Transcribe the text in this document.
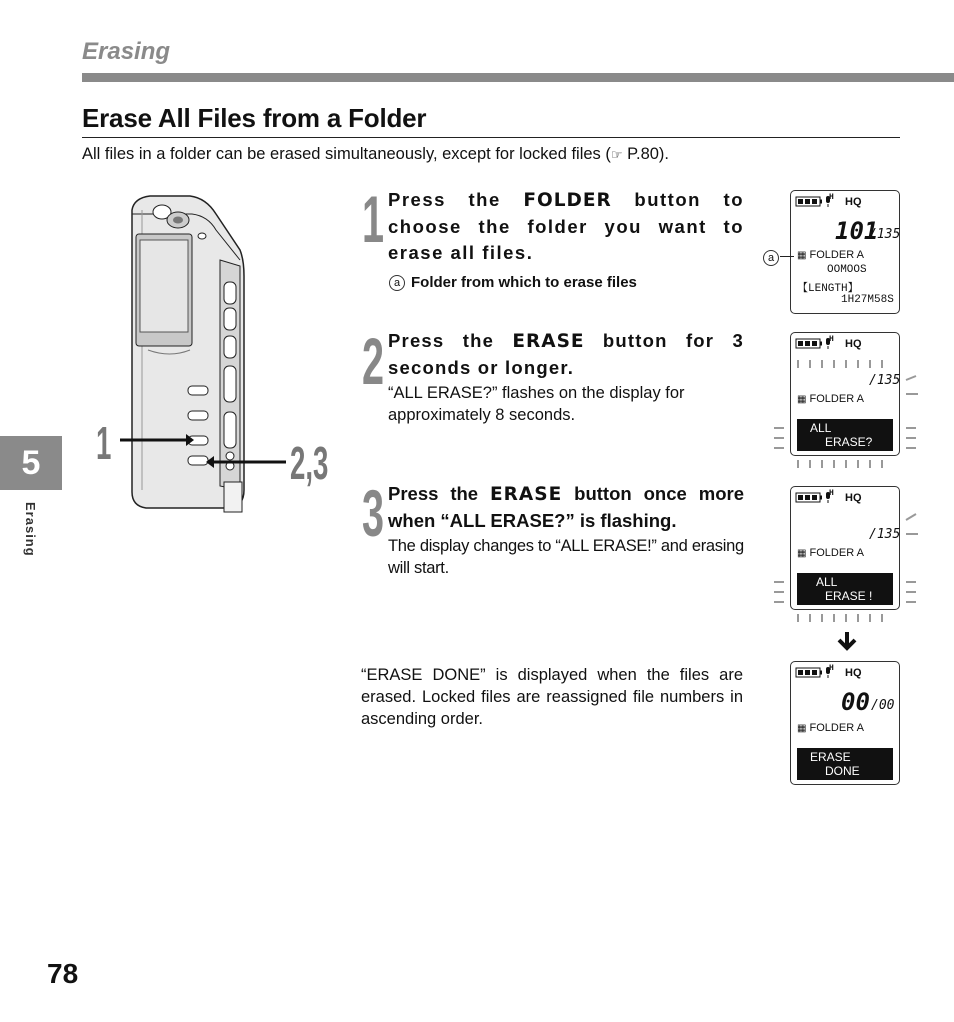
Erasing
Erase All Files from a Folder
All files in a folder can be erased simultaneously, except for locked files (☞ P.80).
5
Erasing
78
1	2,3
1 Press the FOLDER button to choose the folder you want to erase all files.
a Folder from which to erase files
2 Press the ERASE button for 3 seconds or longer.
“ALL ERASE?” flashes on the display for approximately 8 seconds.
3 Press the ERASE button once more when “ALL ERASE?” is flashing.
The display changes to “ALL ERASE!” and erasing will start.
“ERASE DONE” is displayed when the files are erased. Locked files are reassigned file numbers in ascending order.
H HQ
101
/135
▦ FOLDER A
OOMOOS
【LENGTH】
1H27M58S
a
H HQ
/135
▦ FOLDER A
ALL
ERASE?
H HQ
/135
▦ FOLDER A
ALL
ERASE !
H HQ
00 /00
▦ FOLDER A
ERASE
DONE
